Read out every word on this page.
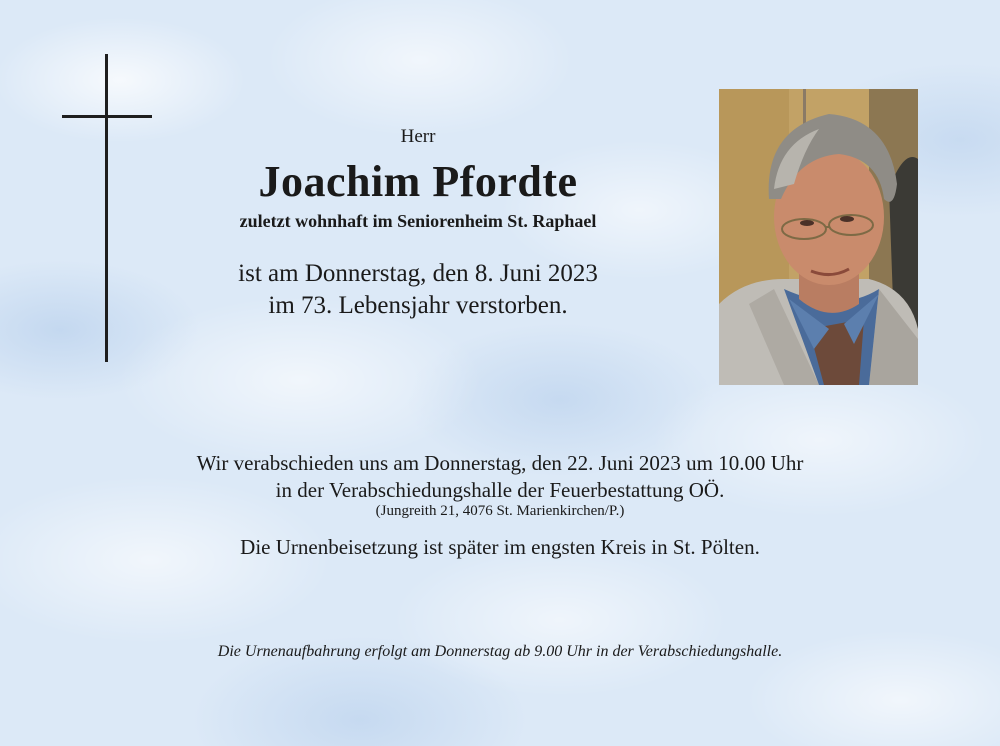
Herr
Joachim Pfordte
zuletzt wohnhaft im Seniorenheim St. Raphael
ist am Donnerstag, den 8. Juni 2023
im 73. Lebensjahr verstorben.
Wir verabschieden uns am Donnerstag, den 22. Juni 2023 um 10.00 Uhr
in der Verabschiedungshalle der Feuerbestattung OÖ.
(Jungreith 21, 4076 St. Marienkirchen/P.)
Die Urnenbeisetzung ist später im engsten Kreis in St. Pölten.
Die Urnenaufbahrung erfolgt am Donnerstag ab 9.00 Uhr in der Verabschiedungshalle.
